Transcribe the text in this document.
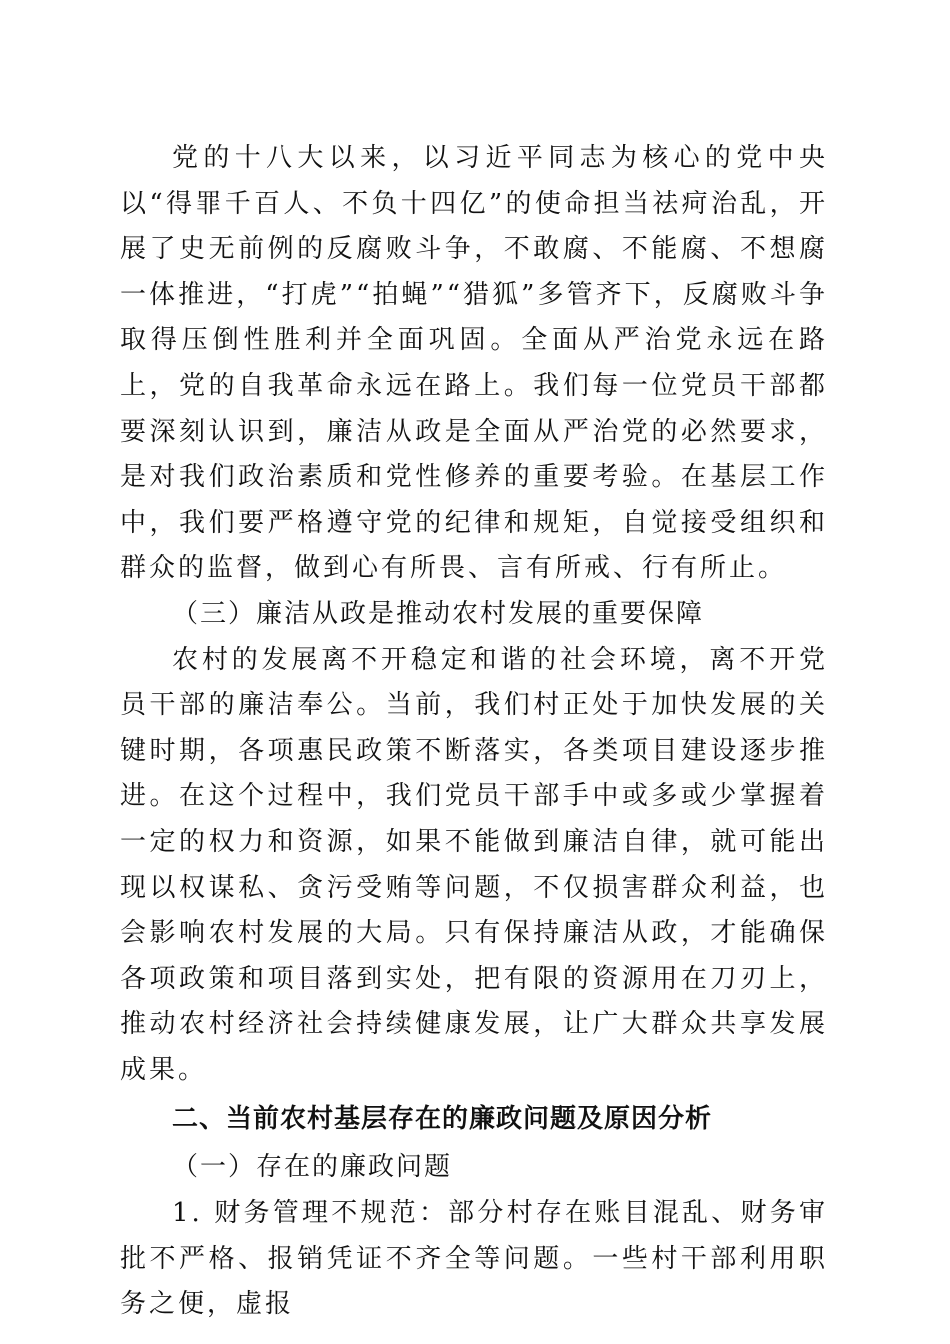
党的十八大以来，以习近平同志为核心的党中央以“得罪千百人、不负十四亿”的使命担当祛疴治乱，开展了史无前例的反腐败斗争，不敢腐、不能腐、不想腐一体推进，“打虎”“拍蝇”“猎狐”多管齐下，反腐败斗争取得压倒性胜利并全面巩固。全面从严治党永远在路上，党的自我革命永远在路上。我们每一位党员干部都要深刻认识到，廉洁从政是全面从严治党的必然要求，是对我们政治素质和党性修养的重要考验。在基层工作中，我们要严格遵守党的纪律和规矩，自觉接受组织和群众的监督，做到心有所畏、言有所戒、行有所止。

（三）廉洁从政是推动农村发展的重要保障

农村的发展离不开稳定和谐的社会环境，离不开党员干部的廉洁奉公。当前，我们村正处于加快发展的关键时期，各项惠民政策不断落实，各类项目建设逐步推进。在这个过程中，我们党员干部手中或多或少掌握着一定的权力和资源，如果不能做到廉洁自律，就可能出现以权谋私、贪污受贿等问题，不仅损害群众利益，也会影响农村发展的大局。只有保持廉洁从政，才能确保各项政策和项目落到实处，把有限的资源用在刀刃上，推动农村经济社会持续健康发展，让广大群众共享发展成果。

二、当前农村基层存在的廉政问题及原因分析

（一）存在的廉政问题

1. 财务管理不规范：部分村存在账目混乱、财务审批不严格、报销凭证不齐全等问题。一些村干部利用职务之便，虚报
